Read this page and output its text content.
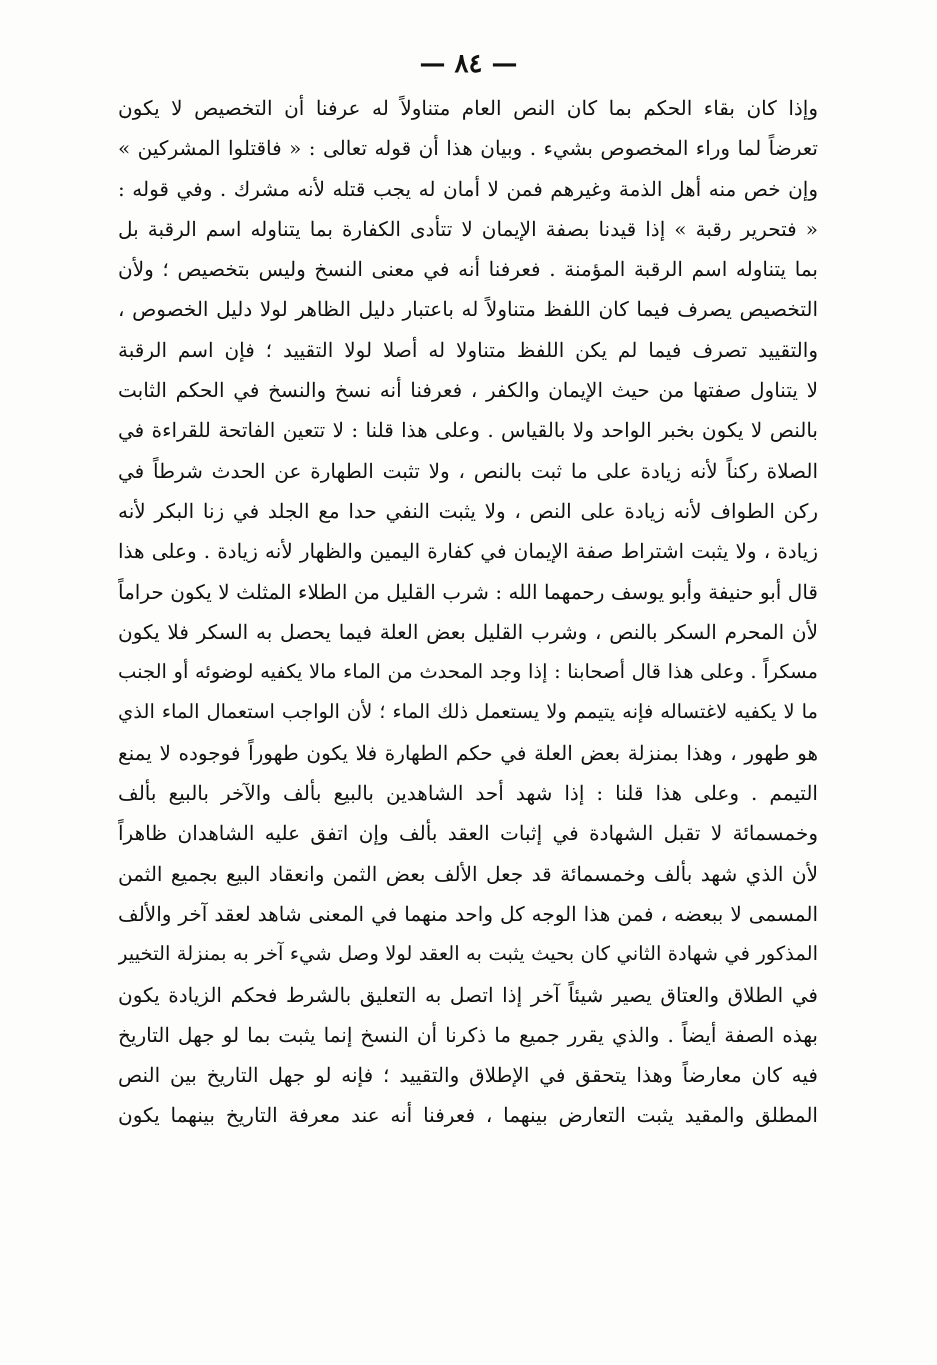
— ٨٤ —
وإذا كان بقاء الحكم بما كان النص العام متناولاً له عرفنا أن التخصيص لا يكون
تعرضاً لما وراء المخصوص بشيء . وبيان هذا أن قوله تعالى : « فاقتلوا المشركين »
وإن خص منه أهل الذمة وغيرهم فمن لا أمان له يجب قتله لأنه مشرك . وفي قوله :
« فتحرير رقبة » إذا قيدنا بصفة الإيمان لا تتأدى الكفارة بما يتناوله اسم الرقبة بل
بما يتناوله اسم الرقبة المؤمنة . فعرفنا أنه في معنى النسخ وليس بتخصيص ؛ ولأن
التخصيص يصرف فيما كان اللفظ متناولاً له باعتبار دليل الظاهر لولا دليل الخصوص ،
والتقييد تصرف فيما لم يكن اللفظ متناولا له أصلا لولا التقييد ؛ فإن اسم الرقبة
لا يتناول صفتها من حيث الإيمان والكفر ، فعرفنا أنه نسخ والنسخ في الحكم الثابت
بالنص لا يكون بخبر الواحد ولا بالقياس . وعلى هذا قلنا : لا تتعين الفاتحة للقراءة في
الصلاة ركناً لأنه زيادة على ما ثبت بالنص ، ولا تثبت الطهارة عن الحدث شرطاً في
ركن الطواف لأنه زيادة على النص ، ولا يثبت النفي حدا مع الجلد في زنا البكر لأنه
زيادة ، ولا يثبت اشتراط صفة الإيمان في كفارة اليمين والظهار لأنه زيادة . وعلى هذا
قال أبو حنيفة وأبو يوسف رحمهما الله : شرب القليل من الطلاء المثلث لا يكون حراماً
لأن المحرم السكر بالنص ، وشرب القليل بعض العلة فيما يحصل به السكر فلا يكون
مسكراً . وعلى هذا قال أصحابنا : إذا وجد المحدث من الماء مالا يكفيه لوضوئه أو الجنب
ما لا يكفيه لاغتساله فإنه يتيمم ولا يستعمل ذلك الماء ؛ لأن الواجب استعمال الماء الذي
هو طهور ، وهذا بمنزلة بعض العلة في حكم الطهارة فلا يكون طهوراً فوجوده لا يمنع
التيمم . وعلى هذا قلنا : إذا شهد أحد الشاهدين بالبيع بألف والآخر بالبيع بألف
وخمسمائة لا تقبل الشهادة في إثبات العقد بألف وإن اتفق عليه الشاهدان ظاهراً
لأن الذي شهد بألف وخمسمائة قد جعل الألف بعض الثمن وانعقاد البيع بجميع الثمن
المسمى لا ببعضه ، فمن هذا الوجه كل واحد منهما في المعنى شاهد لعقد آخر والألف
المذكور في شهادة الثاني كان بحيث يثبت به العقد لولا وصل شيء آخر به بمنزلة التخيير
في الطلاق والعتاق يصير شيئاً آخر إذا اتصل به التعليق بالشرط فحكم الزيادة يكون
بهذه الصفة أيضاً . والذي يقرر جميع ما ذكرنا أن النسخ إنما يثبت بما لو جهل التاريخ
فيه كان معارضاً وهذا يتحقق في الإطلاق والتقييد ؛ فإنه لو جهل التاريخ بين النص
المطلق والمقيد يثبت التعارض بينهما ، فعرفنا أنه عند معرفة التاريخ بينهما يكون
